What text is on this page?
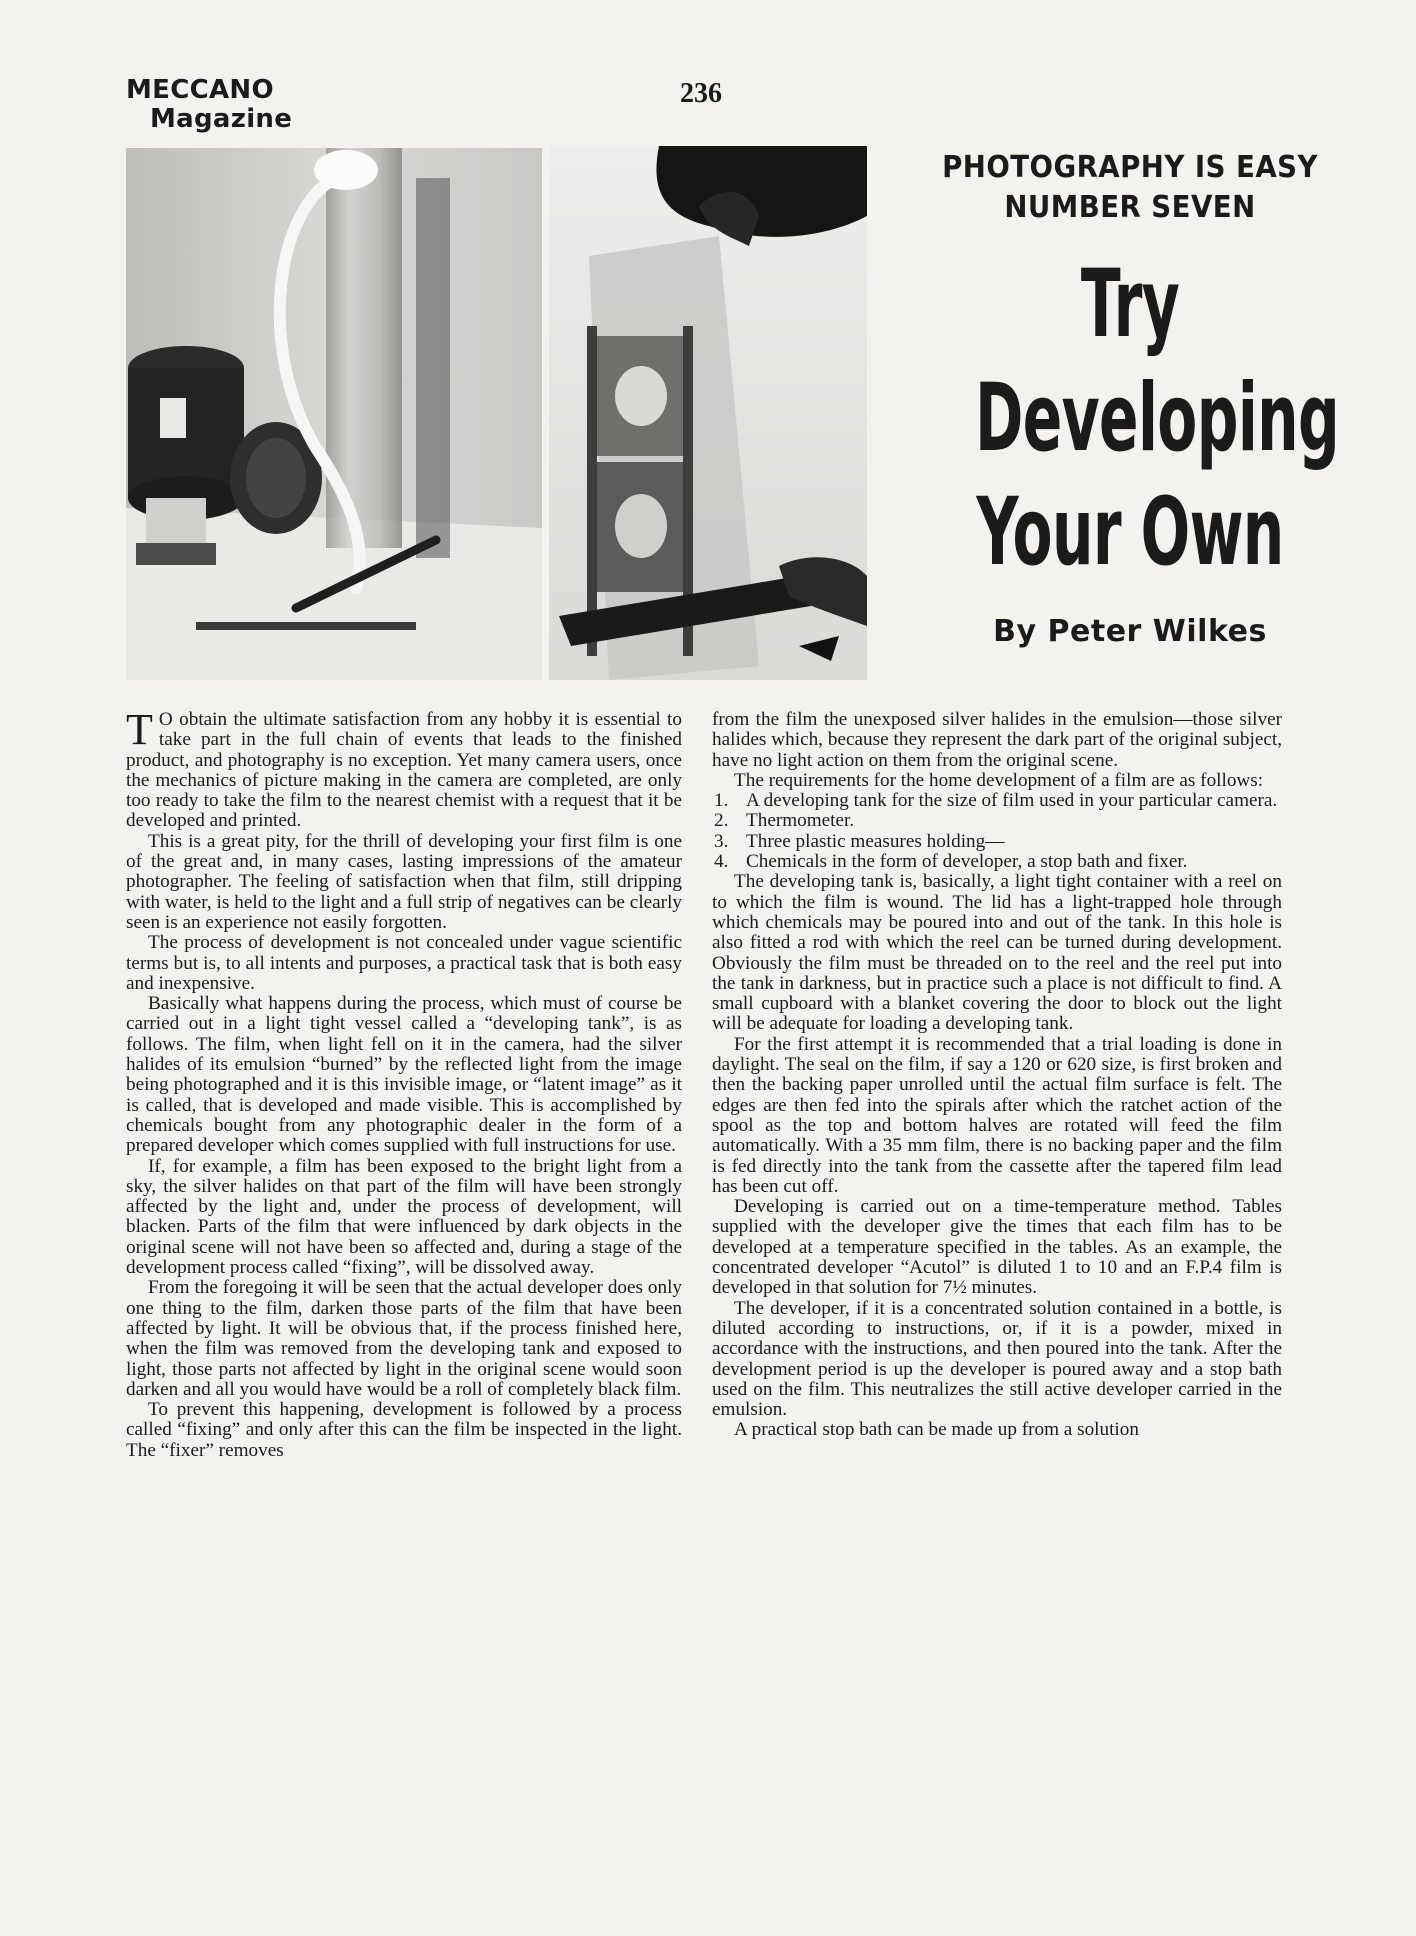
MECCANO
Magazine
236
PHOTOGRAPHY IS EASY
NUMBER SEVEN
Try
Developing
Your Own
By Peter Wilkes

T O obtain the ultimate satisfaction from any hobby it is essential to take part in the full chain of events that leads to the finished product, and photography is no exception. Yet many camera users, once the mechanics of picture making in the camera are completed, are only too ready to take the film to the nearest chemist with a request that it be developed and printed.

This is a great pity, for the thrill of developing your first film is one of the great and, in many cases, lasting impressions of the amateur photographer. The feeling of satisfaction when that film, still dripping with water, is held to the light and a full strip of negatives can be clearly seen is an experience not easily forgotten.

The process of development is not concealed under vague scientific terms but is, to all intents and purposes, a practical task that is both easy and inexpensive.

Basically what happens during the process, which must of course be carried out in a light tight vessel called a “developing tank”, is as follows. The film, when light fell on it in the camera, had the silver halides of its emulsion “burned” by the reflected light from the image being photographed and it is this invisible image, or “latent image” as it is called, that is developed and made visible. This is accomplished by chemicals bought from any photographic dealer in the form of a prepared developer which comes supplied with full instructions for use.

If, for example, a film has been exposed to the bright light from a sky, the silver halides on that part of the film will have been strongly affected by the light and, under the process of development, will blacken. Parts of the film that were influenced by dark objects in the original scene will not have been so affected and, during a stage of the development process called “fixing”, will be dissolved away.

From the foregoing it will be seen that the actual developer does only one thing to the film, darken those parts of the film that have been affected by light. It will be obvious that, if the process finished here, when the film was removed from the developing tank and exposed to light, those parts not affected by light in the original scene would soon darken and all you would have would be a roll of completely black film.

To prevent this happening, development is followed by a process called “fixing” and only after this can the film be inspected in the light. The “fixer” removes

from the film the unexposed silver halides in the emulsion—those silver halides which, because they represent the dark part of the original subject, have no light action on them from the original scene.

The requirements for the home development of a film are as follows:

1. A developing tank for the size of film used in your particular camera.
2. Thermometer.
3. Three plastic measures holding—
4. Chemicals in the form of developer, a stop bath and fixer.

The developing tank is, basically, a light tight container with a reel on to which the film is wound. The lid has a light-trapped hole through which chemicals may be poured into and out of the tank. In this hole is also fitted a rod with which the reel can be turned during development. Obviously the film must be threaded on to the reel and the reel put into the tank in darkness, but in practice such a place is not difficult to find. A small cupboard with a blanket covering the door to block out the light will be adequate for loading a developing tank.

For the first attempt it is recommended that a trial loading is done in daylight. The seal on the film, if say a 120 or 620 size, is first broken and then the backing paper unrolled until the actual film surface is felt. The edges are then fed into the spirals after which the ratchet action of the spool as the top and bottom halves are rotated will feed the film automatically. With a 35 mm film, there is no backing paper and the film is fed directly into the tank from the cassette after the tapered film lead has been cut off.

Developing is carried out on a time-temperature method. Tables supplied with the developer give the times that each film has to be developed at a temperature specified in the tables. As an example, the concentrated developer “Acutol” is diluted 1 to 10 and an F.P.4 film is developed in that solution for 7½ minutes.

The developer, if it is a concentrated solution contained in a bottle, is diluted according to instructions, or, if it is a powder, mixed in accordance with the instructions, and then poured into the tank. After the development period is up the developer is poured away and a stop bath used on the film. This neutralizes the still active developer carried in the emulsion.

A practical stop bath can be made up from a solution
